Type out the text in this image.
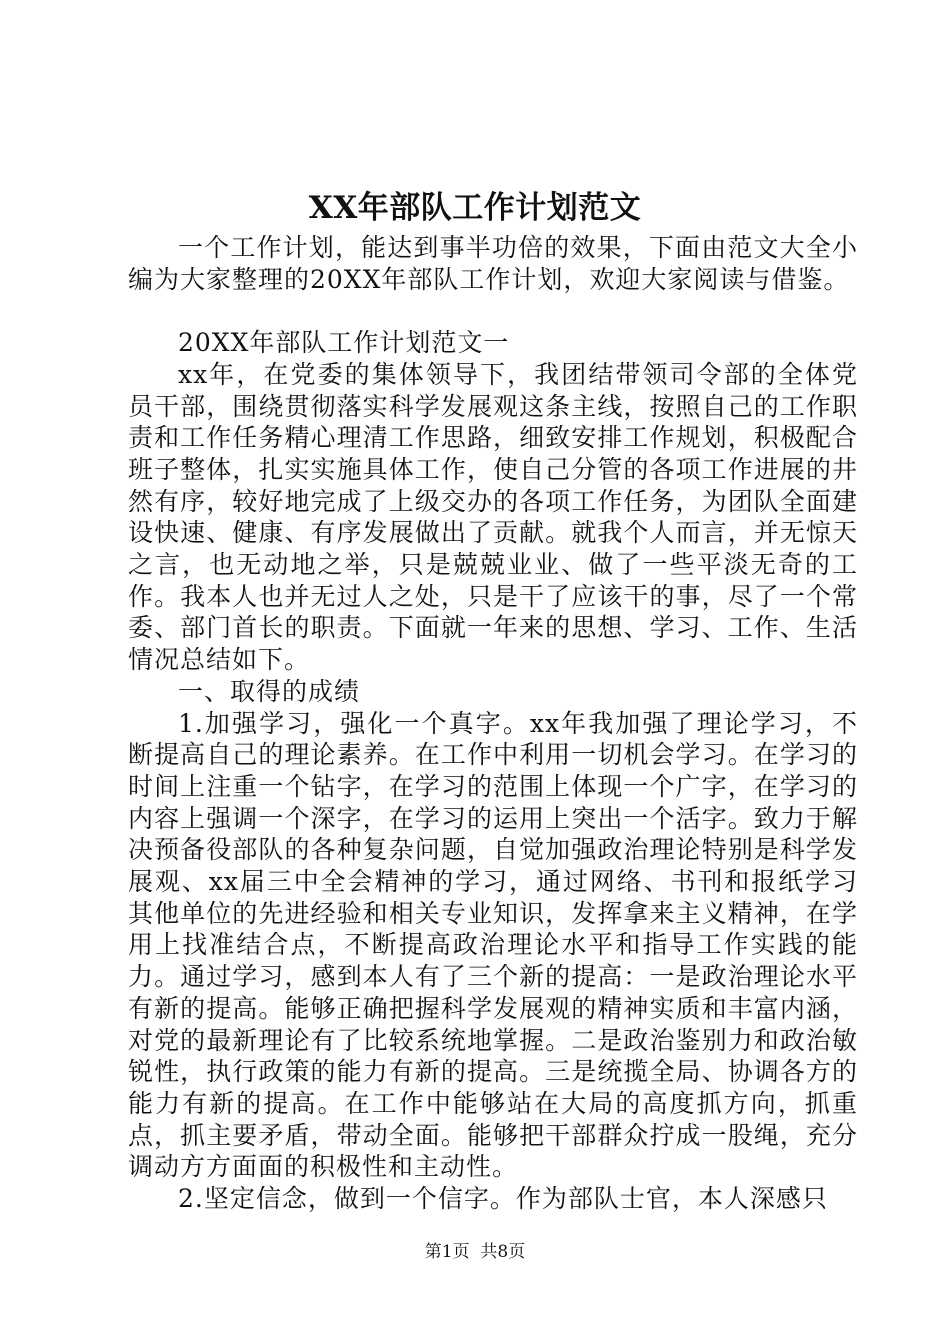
XX年部队工作计划范文

一个工作计划，能达到事半功倍的效果，下面由范文大全小编为大家整理的20XX年部队工作计划，欢迎大家阅读与借鉴。

20XX年部队工作计划范文一

xx年，在党委的集体领导下，我团结带领司令部的全体党员干部，围绕贯彻落实科学发展观这条主线，按照自己的工作职责和工作任务精心理清工作思路，细致安排工作规划，积极配合班子整体，扎实实施具体工作，使自己分管的各项工作进展的井然有序，较好地完成了上级交办的各项工作任务，为团队全面建设快速、健康、有序发展做出了贡献。就我个人而言，并无惊天之言，也无动地之举，只是兢兢业业、做了一些平淡无奇的工作。我本人也并无过人之处，只是干了应该干的事，尽了一个常委、部门首长的职责。下面就一年来的思想、学习、工作、生活情况总结如下。

一、取得的成绩

1.加强学习，强化一个真字。xx年我加强了理论学习，不断提高自己的理论素养。在工作中利用一切机会学习。在学习的时间上注重一个钻字，在学习的范围上体现一个广字，在学习的内容上强调一个深字，在学习的运用上突出一个活字。致力于解决预备役部队的各种复杂问题，自觉加强政治理论特别是科学发展观、xx届三中全会精神的学习，通过网络、书刊和报纸学习其他单位的先进经验和相关专业知识，发挥拿来主义精神，在学用上找准结合点，不断提高政治理论水平和指导工作实践的能力。通过学习，感到本人有了三个新的提高：一是政治理论水平有新的提高。能够正确把握科学发展观的精神实质和丰富内涵，对党的最新理论有了比较系统地掌握。二是政治鉴别力和政治敏锐性，执行政策的能力有新的提高。三是统揽全局、协调各方的能力有新的提高。在工作中能够站在大局的高度抓方向，抓重点，抓主要矛盾，带动全面。能够把干部群众拧成一股绳，充分调动方方面面的积极性和主动性。

2.坚定信念，做到一个信字。作为部队士官，本人深感只

第1页  共8页
